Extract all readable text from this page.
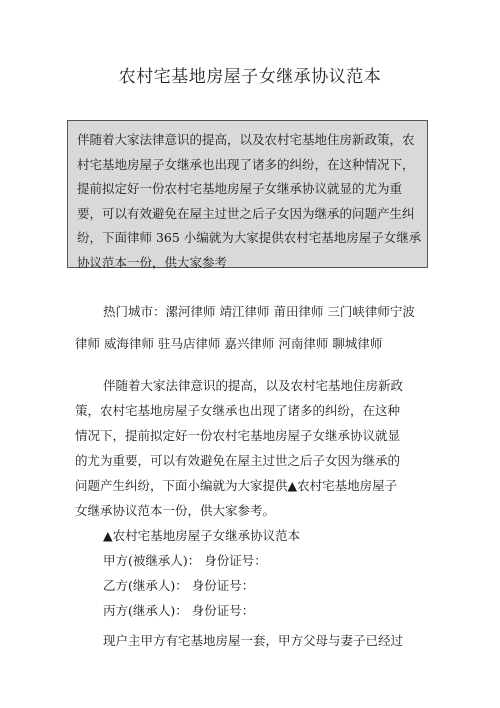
农村宅基地房屋子女继承协议范本
伴随着大家法律意识的提高，以及农村宅基地住房新政策，农
村宅基地房屋子女继承也出现了诸多的纠纷，在这种情况下，
提前拟定好一份农村宅基地房屋子女继承协议就显的尤为重
要，可以有效避免在屋主过世之后子女因为继承的问题产生纠
纷，下面律师 365 小编就为大家提供农村宅基地房屋子女继承
协议范本一份，供大家参考
热门城市：漯河律师 靖江律师 莆田律师 三门峡律师宁波
律师 威海律师 驻马店律师 嘉兴律师 河南律师 聊城律师
伴随着大家法律意识的提高，以及农村宅基地住房新政
策，农村宅基地房屋子女继承也出现了诸多的纠纷，在这种
情况下，提前拟定好一份农村宅基地房屋子女继承协议就显
的尤为重要，可以有效避免在屋主过世之后子女因为继承的
问题产生纠纷，下面小编就为大家提供▲农村宅基地房屋子
女继承协议范本一份，供大家参考。
▲农村宅基地房屋子女继承协议范本
甲方(被继承人)： 身份证号：
乙方(继承人)： 身份证号：
丙方(继承人)： 身份证号：
现户主甲方有宅基地房屋一套，甲方父母与妻子已经过
